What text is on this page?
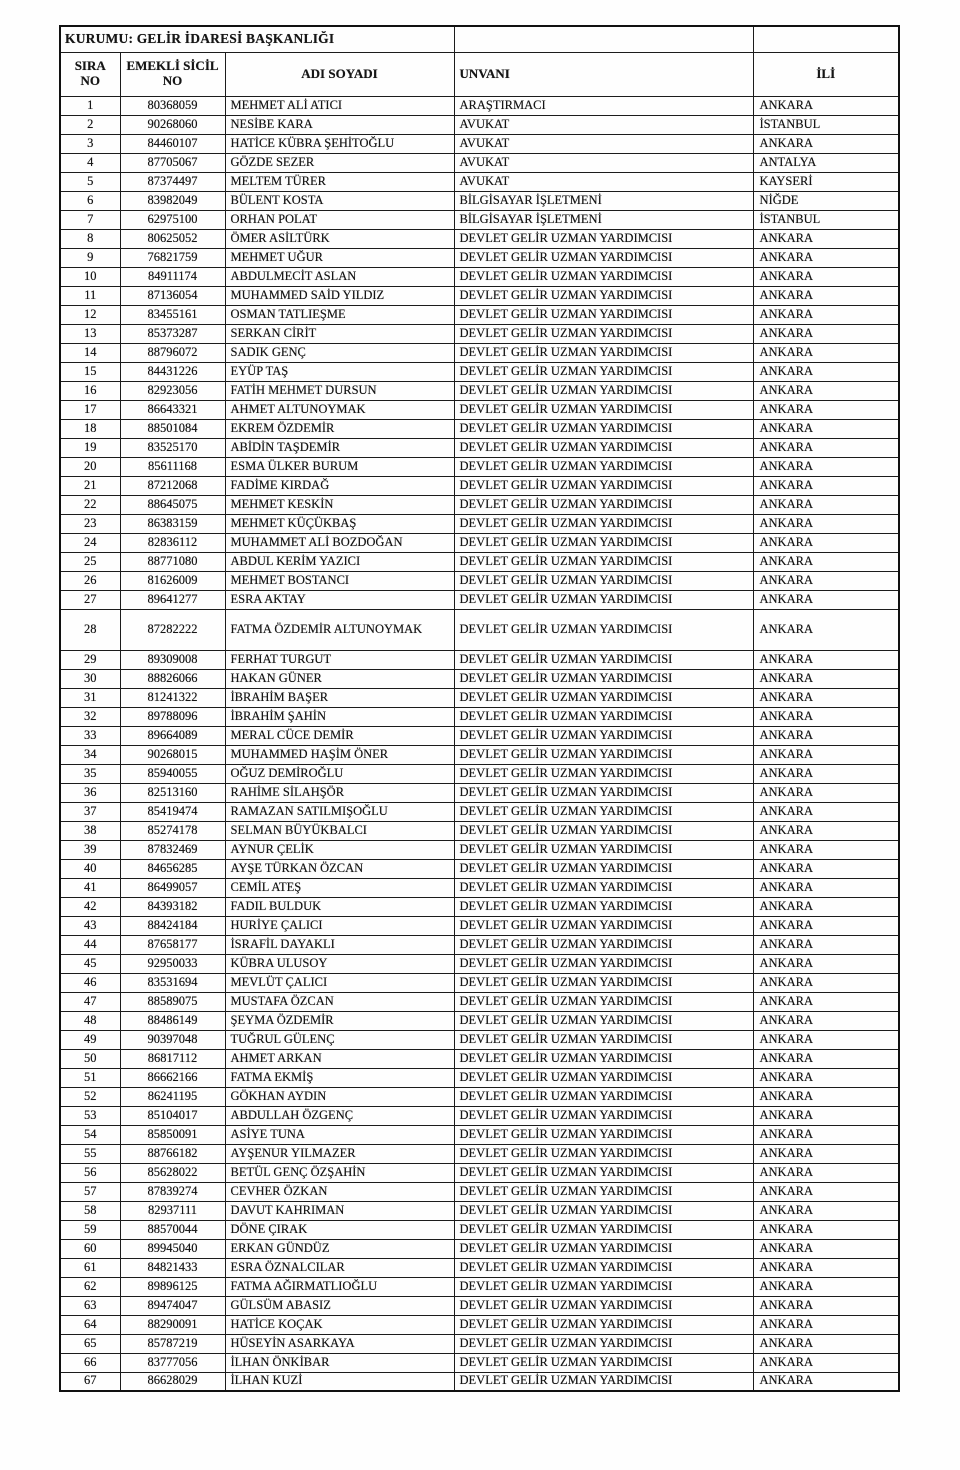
KURUMU: GELİR İDARESİ BAŞKANLIĞI				
SIRA NO	EMEKLİ SİCİL NO	ADI SOYADI	UNVANI	İLİ
1	80368059	MEHMET ALİ ATICI	ARAŞTIRMACI	ANKARA
2	90268060	NESİBE KARA	AVUKAT	İSTANBUL
3	84460107	HATİCE KÜBRA ŞEHİTOĞLU	AVUKAT	ANKARA
4	87705067	GÖZDE SEZER	AVUKAT	ANTALYA
5	87374497	MELTEM TÜRER	AVUKAT	KAYSERİ
6	83982049	BÜLENT KOSTA	BİLGİSAYAR İŞLETMENİ	NİĞDE
7	62975100	ORHAN POLAT	BİLGİSAYAR İŞLETMENİ	İSTANBUL
8	80625052	ÖMER ASİLTÜRK	DEVLET GELİR UZMAN YARDIMCISI	ANKARA
9	76821759	MEHMET UĞUR	DEVLET GELİR UZMAN YARDIMCISI	ANKARA
10	84911174	ABDULMECİT ASLAN	DEVLET GELİR UZMAN YARDIMCISI	ANKARA
11	87136054	MUHAMMED SAİD YILDIZ	DEVLET GELİR UZMAN YARDIMCISI	ANKARA
12	83455161	OSMAN TATLIEŞME	DEVLET GELİR UZMAN YARDIMCISI	ANKARA
13	85373287	SERKAN CİRİT	DEVLET GELİR UZMAN YARDIMCISI	ANKARA
14	88796072	SADIK GENÇ	DEVLET GELİR UZMAN YARDIMCISI	ANKARA
15	84431226	EYÜP TAŞ	DEVLET GELİR UZMAN YARDIMCISI	ANKARA
16	82923056	FATİH MEHMET DURSUN	DEVLET GELİR UZMAN YARDIMCISI	ANKARA
17	86643321	AHMET ALTUNOYMAK	DEVLET GELİR UZMAN YARDIMCISI	ANKARA
18	88501084	EKREM ÖZDEMİR	DEVLET GELİR UZMAN YARDIMCISI	ANKARA
19	83525170	ABİDİN TAŞDEMİR	DEVLET GELİR UZMAN YARDIMCISI	ANKARA
20	85611168	ESMA ÜLKER BURUM	DEVLET GELİR UZMAN YARDIMCISI	ANKARA
21	87212068	FADİME KIRDAĞ	DEVLET GELİR UZMAN YARDIMCISI	ANKARA
22	88645075	MEHMET KESKİN	DEVLET GELİR UZMAN YARDIMCISI	ANKARA
23	86383159	MEHMET KÜÇÜKBAŞ	DEVLET GELİR UZMAN YARDIMCISI	ANKARA
24	82836112	MUHAMMET ALİ BOZDOĞAN	DEVLET GELİR UZMAN YARDIMCISI	ANKARA
25	88771080	ABDUL KERİM YAZICI	DEVLET GELİR UZMAN YARDIMCISI	ANKARA
26	81626009	MEHMET BOSTANCI	DEVLET GELİR UZMAN YARDIMCISI	ANKARA
27	89641277	ESRA AKTAY	DEVLET GELİR UZMAN YARDIMCISI	ANKARA
28	87282222	FATMA ÖZDEMİR ALTUNOYMAK	DEVLET GELİR UZMAN YARDIMCISI	ANKARA
29	89309008	FERHAT TURGUT	DEVLET GELİR UZMAN YARDIMCISI	ANKARA
30	88826066	HAKAN GÜNER	DEVLET GELİR UZMAN YARDIMCISI	ANKARA
31	81241322	İBRAHİM BAŞER	DEVLET GELİR UZMAN YARDIMCISI	ANKARA
32	89788096	İBRAHİM ŞAHİN	DEVLET GELİR UZMAN YARDIMCISI	ANKARA
33	89664089	MERAL CÜCE DEMİR	DEVLET GELİR UZMAN YARDIMCISI	ANKARA
34	90268015	MUHAMMED HAŞİM ÖNER	DEVLET GELİR UZMAN YARDIMCISI	ANKARA
35	85940055	OĞUZ DEMİROĞLU	DEVLET GELİR UZMAN YARDIMCISI	ANKARA
36	82513160	RAHİME SİLAHŞÖR	DEVLET GELİR UZMAN YARDIMCISI	ANKARA
37	85419474	RAMAZAN SATILMIŞOĞLU	DEVLET GELİR UZMAN YARDIMCISI	ANKARA
38	85274178	SELMAN BÜYÜKBALCI	DEVLET GELİR UZMAN YARDIMCISI	ANKARA
39	87832469	AYNUR ÇELİK	DEVLET GELİR UZMAN YARDIMCISI	ANKARA
40	84656285	AYŞE TÜRKAN ÖZCAN	DEVLET GELİR UZMAN YARDIMCISI	ANKARA
41	86499057	CEMİL ATEŞ	DEVLET GELİR UZMAN YARDIMCISI	ANKARA
42	84393182	FADIL BULDUK	DEVLET GELİR UZMAN YARDIMCISI	ANKARA
43	88424184	HURİYE ÇALICI	DEVLET GELİR UZMAN YARDIMCISI	ANKARA
44	87658177	İSRAFİL DAYAKLI	DEVLET GELİR UZMAN YARDIMCISI	ANKARA
45	92950033	KÜBRA ULUSOY	DEVLET GELİR UZMAN YARDIMCISI	ANKARA
46	83531694	MEVLÜT ÇALICI	DEVLET GELİR UZMAN YARDIMCISI	ANKARA
47	88589075	MUSTAFA ÖZCAN	DEVLET GELİR UZMAN YARDIMCISI	ANKARA
48	88486149	ŞEYMA ÖZDEMİR	DEVLET GELİR UZMAN YARDIMCISI	ANKARA
49	90397048	TUĞRUL GÜLENÇ	DEVLET GELİR UZMAN YARDIMCISI	ANKARA
50	86817112	AHMET ARKAN	DEVLET GELİR UZMAN YARDIMCISI	ANKARA
51	86662166	FATMA EKMİŞ	DEVLET GELİR UZMAN YARDIMCISI	ANKARA
52	86241195	GÖKHAN AYDIN	DEVLET GELİR UZMAN YARDIMCISI	ANKARA
53	85104017	ABDULLAH ÖZGENÇ	DEVLET GELİR UZMAN YARDIMCISI	ANKARA
54	85850091	ASİYE TUNA	DEVLET GELİR UZMAN YARDIMCISI	ANKARA
55	88766182	AYŞENUR YILMAZER	DEVLET GELİR UZMAN YARDIMCISI	ANKARA
56	85628022	BETÜL GENÇ ÖZŞAHİN	DEVLET GELİR UZMAN YARDIMCISI	ANKARA
57	87839274	CEVHER ÖZKAN	DEVLET GELİR UZMAN YARDIMCISI	ANKARA
58	82937111	DAVUT KAHRIMAN	DEVLET GELİR UZMAN YARDIMCISI	ANKARA
59	88570044	DÖNE ÇIRAK	DEVLET GELİR UZMAN YARDIMCISI	ANKARA
60	89945040	ERKAN GÜNDÜZ	DEVLET GELİR UZMAN YARDIMCISI	ANKARA
61	84821433	ESRA ÖZNALCILAR	DEVLET GELİR UZMAN YARDIMCISI	ANKARA
62	89896125	FATMA AĞIRMATLIOĞLU	DEVLET GELİR UZMAN YARDIMCISI	ANKARA
63	89474047	GÜLSÜM ABASIZ	DEVLET GELİR UZMAN YARDIMCISI	ANKARA
64	88290091	HATİCE KOÇAK	DEVLET GELİR UZMAN YARDIMCISI	ANKARA
65	85787219	HÜSEYİN ASARKAYA	DEVLET GELİR UZMAN YARDIMCISI	ANKARA
66	83777056	İLHAN ÖNKİBAR	DEVLET GELİR UZMAN YARDIMCISI	ANKARA
67	86628029	İLHAN KUZİ	DEVLET GELİR UZMAN YARDIMCISI	ANKARA
